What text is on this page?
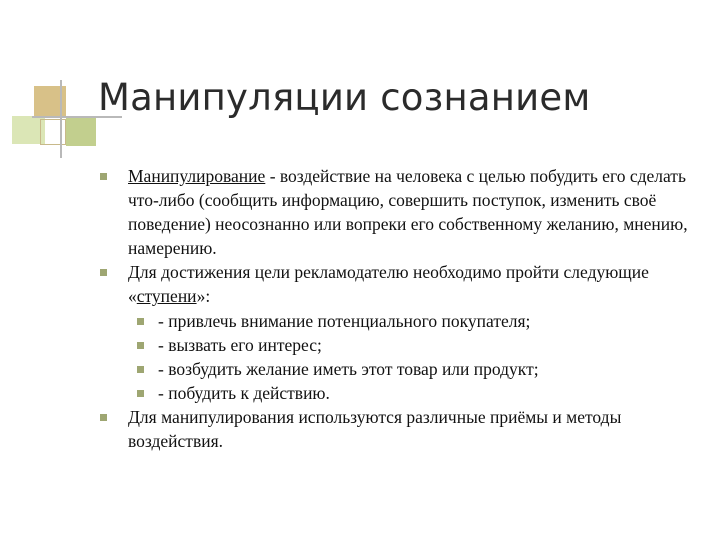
Манипуляции сознанием
Манипулирование - воздействие на человека с целью побудить его сделать что-либо (сообщить информацию, совершить поступок, изменить своё поведение) неосознанно или вопреки его собственному желанию, мнению, намерению.
Для достижения цели рекламодателю необходимо пройти следующие «ступени»:
- привлечь внимание потенциального покупателя;
- вызвать его интерес;
- возбудить желание иметь этот товар или продукт;
- побудить к действию.
Для манипулирования используются различные приёмы и методы воздействия.
